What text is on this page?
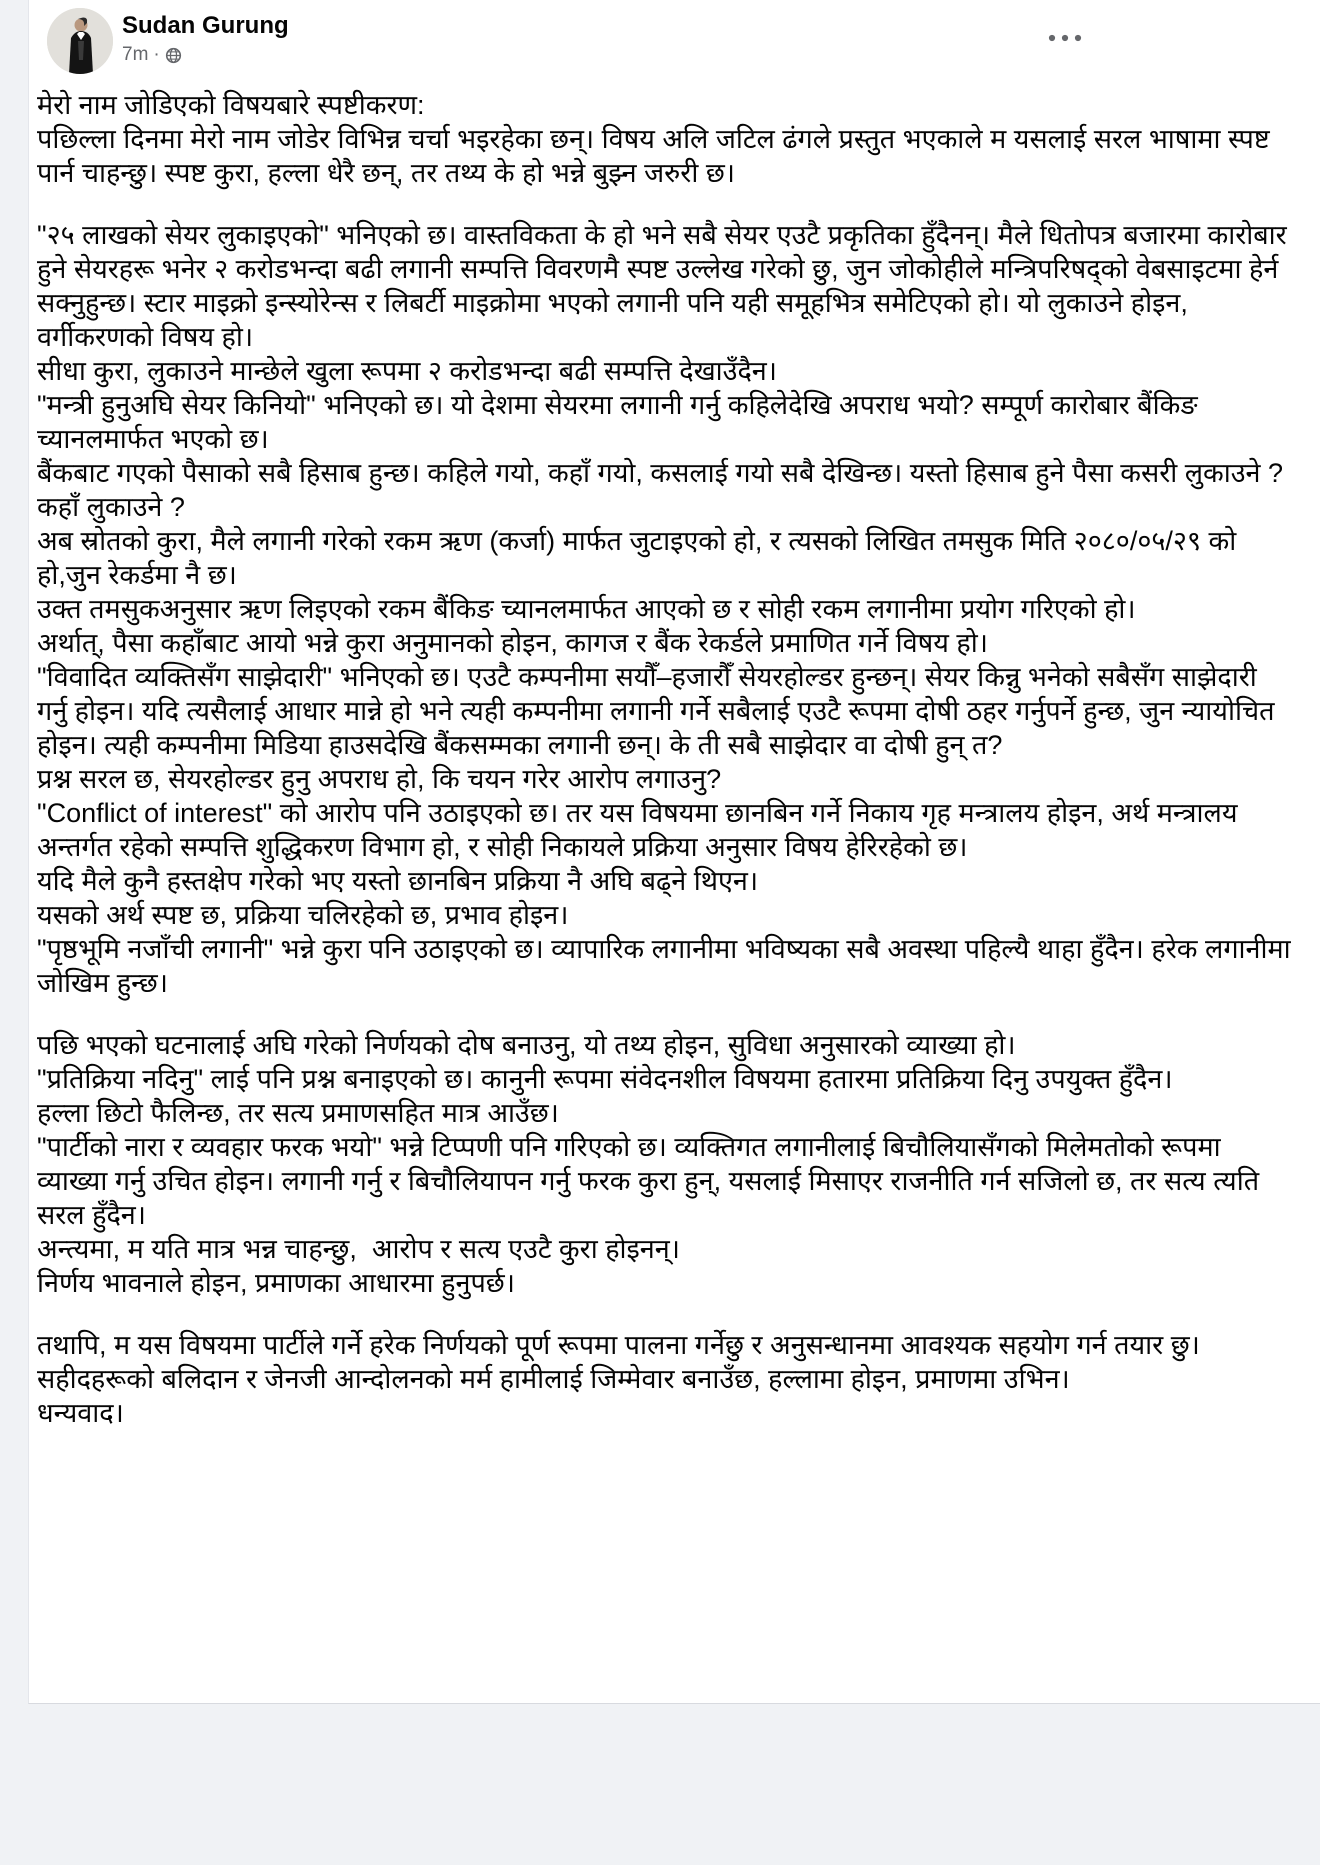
Sudan Gurung
7m ·
मेरो नाम जोडिएको विषयबारे स्पष्टीकरण:
पछिल्ला दिनमा मेरो नाम जोडेर विभिन्न चर्चा भइरहेका छन्। विषय अलि जटिल ढंगले प्रस्तुत भएकाले म यसलाई सरल भाषामा स्पष्ट पार्न चाहन्छु। स्पष्ट कुरा, हल्ला धेरै छन्, तर तथ्य के हो भन्ने बुझ्न जरुरी छ।
"२५ लाखको सेयर लुकाइएको" भनिएको छ। वास्तविकता के हो भने सबै सेयर एउटै प्रकृतिका हुँदैनन्। मैले धितोपत्र बजारमा कारोबार हुने सेयरहरू भनेर २ करोडभन्दा बढी लगानी सम्पत्ति विवरणमै स्पष्ट उल्लेख गरेको छु, जुन जोकोहीले मन्त्रिपरिषद्को वेबसाइटमा हेर्न सक्नुहुन्छ। स्टार माइक्रो इन्स्योरेन्स र लिबर्टी माइक्रोमा भएको लगानी पनि यही समूहभित्र समेटिएको हो। यो लुकाउने होइन, वर्गीकरणको विषय हो।
सीधा कुरा, लुकाउने मान्छेले खुला रूपमा २ करोडभन्दा बढी सम्पत्ति देखाउँदैन।
"मन्त्री हुनुअघि सेयर किनियो" भनिएको छ। यो देशमा सेयरमा लगानी गर्नु कहिलेदेखि अपराध भयो? सम्पूर्ण कारोबार बैंकिङ च्यानलमार्फत भएको छ।
बैंकबाट गएको पैसाको सबै हिसाब हुन्छ। कहिले गयो, कहाँ गयो, कसलाई गयो सबै देखिन्छ। यस्तो हिसाब हुने पैसा कसरी लुकाउने ? कहाँ लुकाउने ?
अब स्रोतको कुरा, मैले लगानी गरेको रकम ऋण (कर्जा) मार्फत जुटाइएको हो, र त्यसको लिखित तमसुक मिति २०८०/०५/२९ को हो,जुन रेकर्डमा नै छ।
उक्त तमसुकअनुसार ऋण लिइएको रकम बैंकिङ च्यानलमार्फत आएको छ र सोही रकम लगानीमा प्रयोग गरिएको हो।
अर्थात्, पैसा कहाँबाट आयो भन्ने कुरा अनुमानको होइन, कागज र बैंक रेकर्डले प्रमाणित गर्ने विषय हो।
"विवादित व्यक्तिसँग साझेदारी" भनिएको छ। एउटै कम्पनीमा सयौँ–हजारौँ सेयरहोल्डर हुन्छन्। सेयर किन्नु भनेको सबैसँग साझेदारी गर्नु होइन। यदि त्यसैलाई आधार मान्ने हो भने त्यही कम्पनीमा लगानी गर्ने सबैलाई एउटै रूपमा दोषी ठहर गर्नुपर्ने हुन्छ, जुन न्यायोचित होइन। त्यही कम्पनीमा मिडिया हाउसदेखि बैंकसम्मका लगानी छन्। के ती सबै साझेदार वा दोषी हुन् त?
प्रश्न सरल छ, सेयरहोल्डर हुनु अपराध हो, कि चयन गरेर आरोप लगाउनु?
"Conflict of interest" को आरोप पनि उठाइएको छ। तर यस विषयमा छानबिन गर्ने निकाय गृह मन्त्रालय होइन, अर्थ मन्त्रालय अन्तर्गत रहेको सम्पत्ति शुद्धिकरण विभाग हो, र सोही निकायले प्रक्रिया अनुसार विषय हेरिरहेको छ।
यदि मैले कुनै हस्तक्षेप गरेको भए यस्तो छानबिन प्रक्रिया नै अघि बढ्ने थिएन।
यसको अर्थ स्पष्ट छ, प्रक्रिया चलिरहेको छ, प्रभाव होइन।
"पृष्ठभूमि नजाँची लगानी" भन्ने कुरा पनि उठाइएको छ। व्यापारिक लगानीमा भविष्यका सबै अवस्था पहिल्यै थाहा हुँदैन। हरेक लगानीमा जोखिम हुन्छ।
पछि भएको घटनालाई अघि गरेको निर्णयको दोष बनाउनु, यो तथ्य होइन, सुविधा अनुसारको व्याख्या हो।
"प्रतिक्रिया नदिनु" लाई पनि प्रश्न बनाइएको छ। कानुनी रूपमा संवेदनशील विषयमा हतारमा प्रतिक्रिया दिनु उपयुक्त हुँदैन।
हल्ला छिटो फैलिन्छ, तर सत्य प्रमाणसहित मात्र आउँछ।
"पार्टीको नारा र व्यवहार फरक भयो" भन्ने टिप्पणी पनि गरिएको छ। व्यक्तिगत लगानीलाई बिचौलियासँगको मिलेमतोको रूपमा व्याख्या गर्नु उचित होइन। लगानी गर्नु र बिचौलियापन गर्नु फरक कुरा हुन्, यसलाई मिसाएर राजनीति गर्न सजिलो छ, तर सत्य त्यति सरल हुँदैन।
अन्त्यमा, म यति मात्र भन्न चाहन्छु,  आरोप र सत्य एउटै कुरा होइनन्।
निर्णय भावनाले होइन, प्रमाणका आधारमा हुनुपर्छ।
तथापि, म यस विषयमा पार्टीले गर्ने हरेक निर्णयको पूर्ण रूपमा पालना गर्नेछु र अनुसन्धानमा आवश्यक सहयोग गर्न तयार छु।
सहीदहरूको बलिदान र जेनजी आन्दोलनको मर्म हामीलाई जिम्मेवार बनाउँछ, हल्लामा होइन, प्रमाणमा उभिन।
धन्यवाद।
